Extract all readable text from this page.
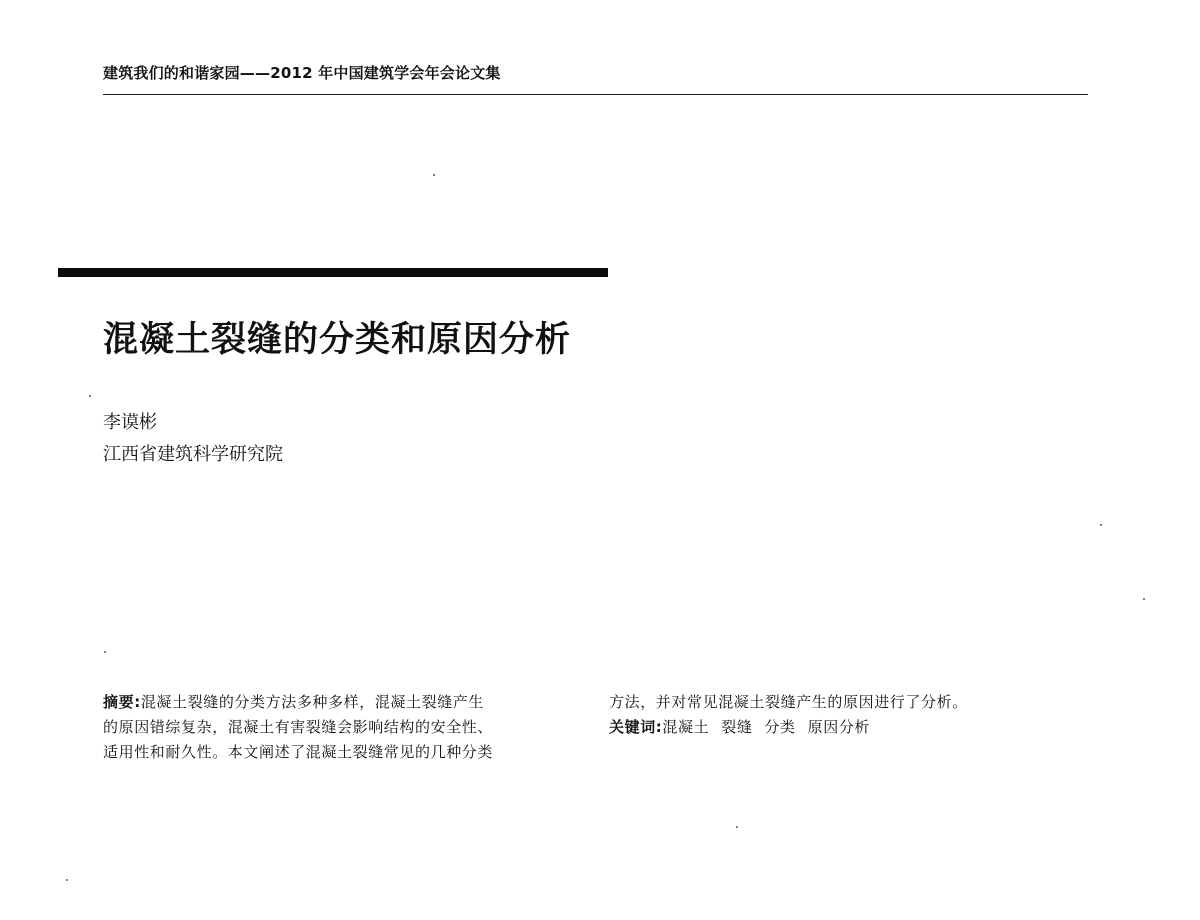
建筑我们的和谐家园——2012 年中国建筑学会年会论文集
混凝土裂缝的分类和原因分析
李谟彬
江西省建筑科学研究院
摘要:混凝土裂缝的分类方法多种多样，混凝土裂缝产生
的原因错综复杂，混凝土有害裂缝会影响结构的安全性、
适用性和耐久性。本文阐述了混凝土裂缝常见的几种分类
方法，并对常见混凝土裂缝产生的原因进行了分析。
关键词:混凝土 裂缝 分类 原因分析
